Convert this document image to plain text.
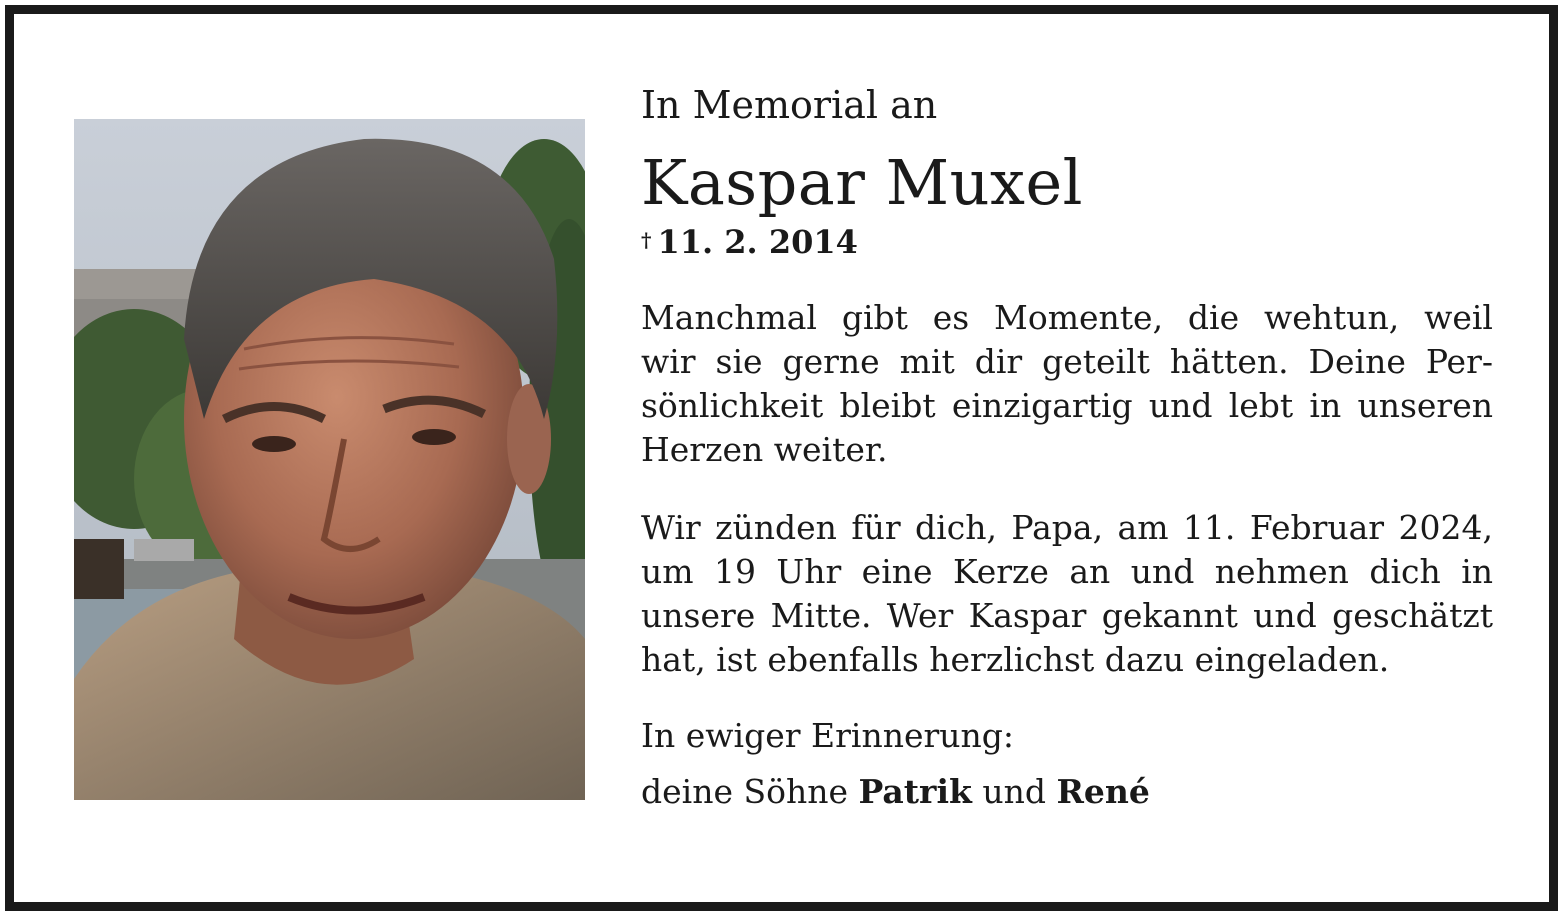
In Memorial an
Kaspar Muxel
† 11. 2. 2014
Manchmal gibt es Momente, die wehtun, weil
wir sie gerne mit dir geteilt hätten. Deine Per-
sönlichkeit bleibt einzigartig und lebt in unseren
Herzen weiter.
Wir zünden für dich, Papa, am 11. Februar 2024,
um 19 Uhr eine Kerze an und nehmen dich in
unsere Mitte. Wer Kaspar gekannt und geschätzt
hat, ist ebenfalls herzlichst dazu eingeladen.
In ewiger Erinnerung:
deine Söhne Patrik und René
